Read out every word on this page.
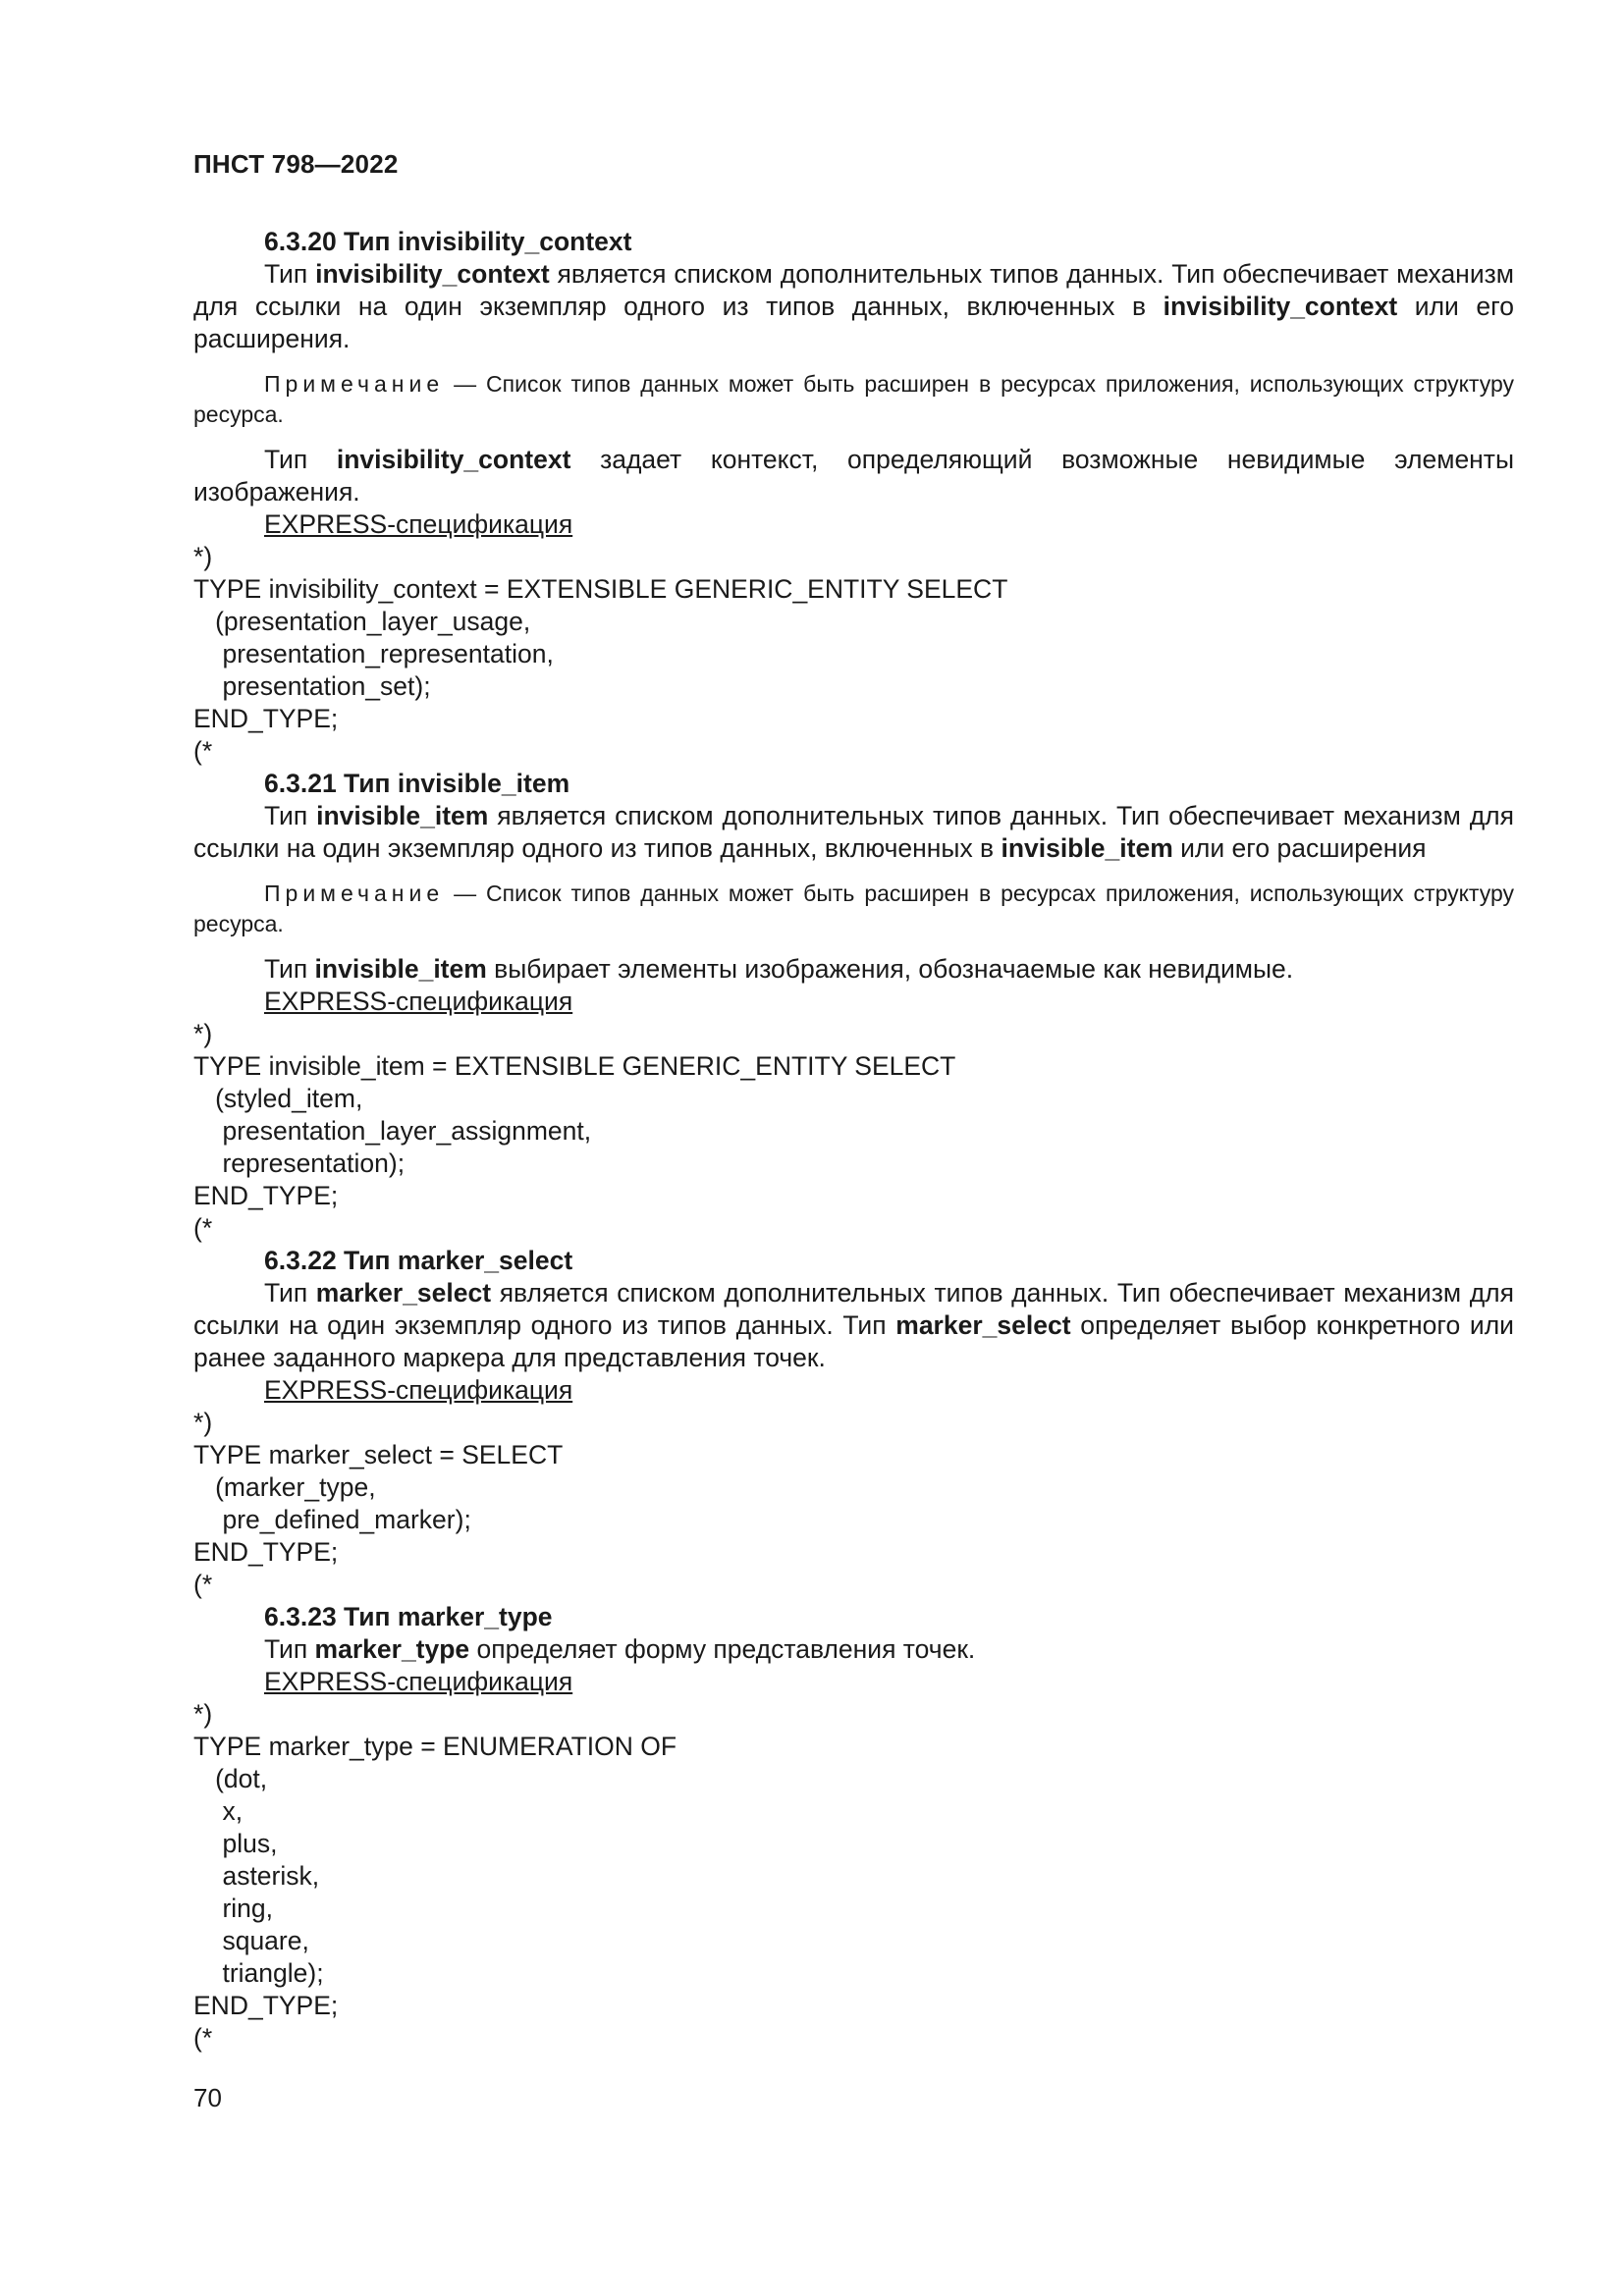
ПНСТ 798—2022
6.3.20 Тип invisibility_context

Тип invisibility_context является списком дополнительных типов данных. Тип обеспечивает механизм для ссылки на один экземпляр одного из типов данных, включенных в invisibility_context или его расширения.

Примечание — Список типов данных может быть расширен в ресурсах приложения, использующих структуру ресурса.

Тип invisibility_context задает контекст, определяющий возможные невидимые элементы изображения.

EXPRESS-спецификация

*)

TYPE invisibility_context = EXTENSIBLE GENERIC_ENTITY SELECT

(presentation_layer_usage,

presentation_representation,

presentation_set);

END_TYPE;

(*

6.3.21 Тип invisible_item

Тип invisible_item является списком дополнительных типов данных. Тип обеспечивает механизм для ссылки на один экземпляр одного из типов данных, включенных в invisible_item или его расширения

Примечание — Список типов данных может быть расширен в ресурсах приложения, использующих структуру ресурса.

Тип invisible_item выбирает элементы изображения, обозначаемые как невидимые.

EXPRESS-спецификация

*)

TYPE invisible_item = EXTENSIBLE GENERIC_ENTITY SELECT

(styled_item,

presentation_layer_assignment,

representation);

END_TYPE;

(*

6.3.22 Тип marker_select

Тип marker_select является списком дополнительных типов данных. Тип обеспечивает механизм для ссылки на один экземпляр одного из типов данных. Тип marker_select определяет выбор конкретного или ранее заданного маркера для представления точек.

EXPRESS-спецификация

*)

TYPE marker_select = SELECT

(marker_type,

pre_defined_marker);

END_TYPE;

(*

6.3.23 Тип marker_type

Тип marker_type определяет форму представления точек.

EXPRESS-спецификация

*)

TYPE marker_type = ENUMERATION OF

(dot,

x,

plus,

asterisk,

ring,

square,

triangle);

END_TYPE;

(*

70
